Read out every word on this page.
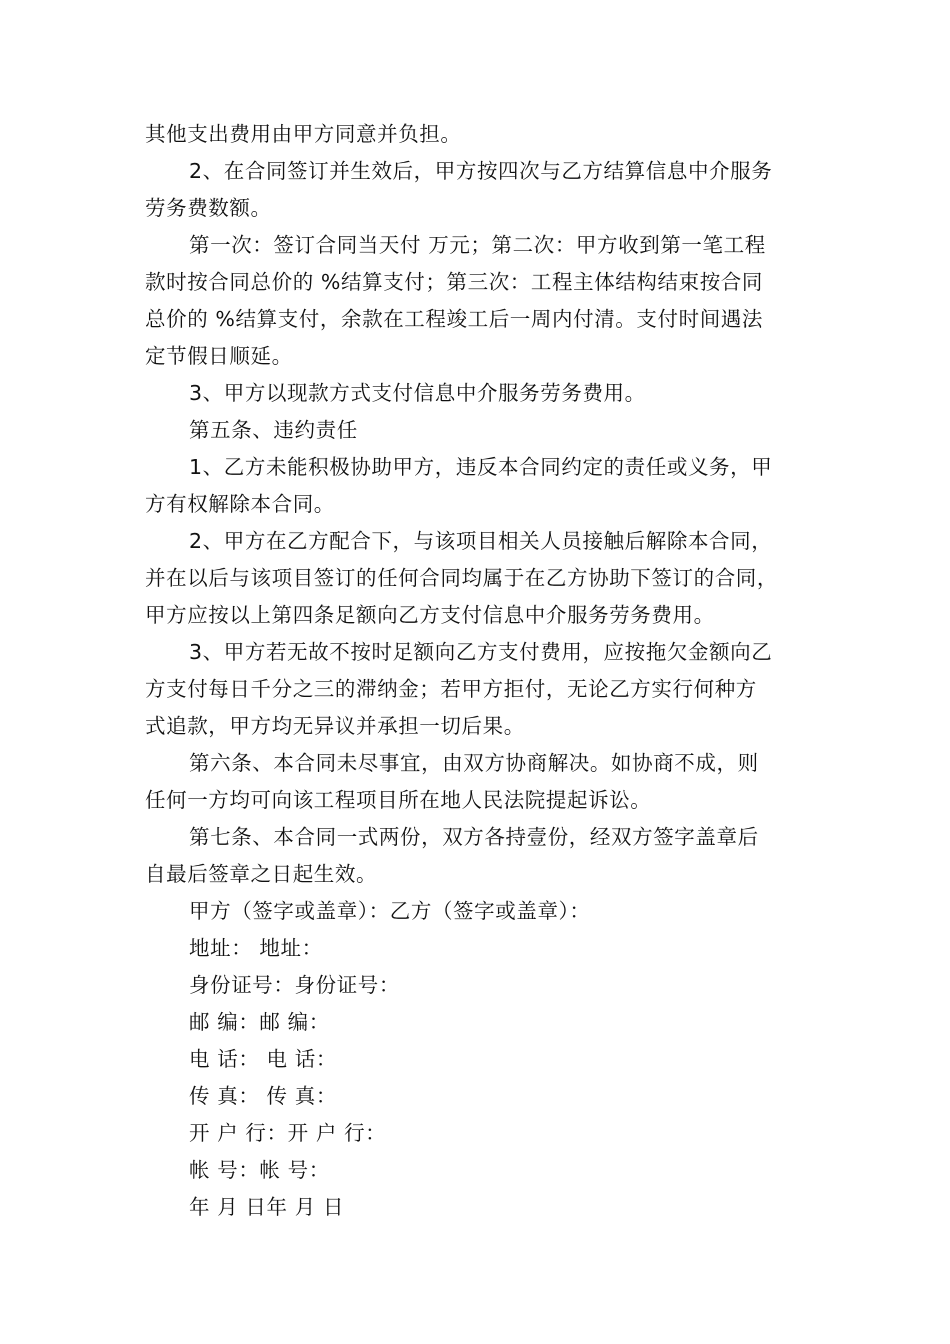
其他支出费用由甲方同意并负担。

2、在合同签订并生效后，甲方按四次与乙方结算信息中介服务

劳务费数额。

第一次：签订合同当天付 万元；第二次：甲方收到第一笔工程

款时按合同总价的 %结算支付；第三次：工程主体结构结束按合同

总价的 %结算支付，余款在工程竣工后一周内付清。支付时间遇法

定节假日顺延。

3、甲方以现款方式支付信息中介服务劳务费用。

第五条、违约责任

1、乙方未能积极协助甲方，违反本合同约定的责任或义务，甲

方有权解除本合同。

2、甲方在乙方配合下，与该项目相关人员接触后解除本合同，

并在以后与该项目签订的任何合同均属于在乙方协助下签订的合同，

甲方应按以上第四条足额向乙方支付信息中介服务劳务费用。

3、甲方若无故不按时足额向乙方支付费用，应按拖欠金额向乙

方支付每日千分之三的滞纳金；若甲方拒付，无论乙方实行何种方

式追款，甲方均无异议并承担一切后果。

第六条、本合同未尽事宜，由双方协商解决。如协商不成，则

任何一方均可向该工程项目所在地人民法院提起诉讼。

第七条、本合同一式两份，双方各持壹份，经双方签字盖章后

自最后签章之日起生效。

甲方（签字或盖章）：乙方（签字或盖章）：

地址： 地址：

身份证号：身份证号：

邮 编：邮 编：

电 话： 电 话：

传 真： 传 真：

开 户 行：开 户 行：

帐 号：帐 号：

年 月 日年 月 日
